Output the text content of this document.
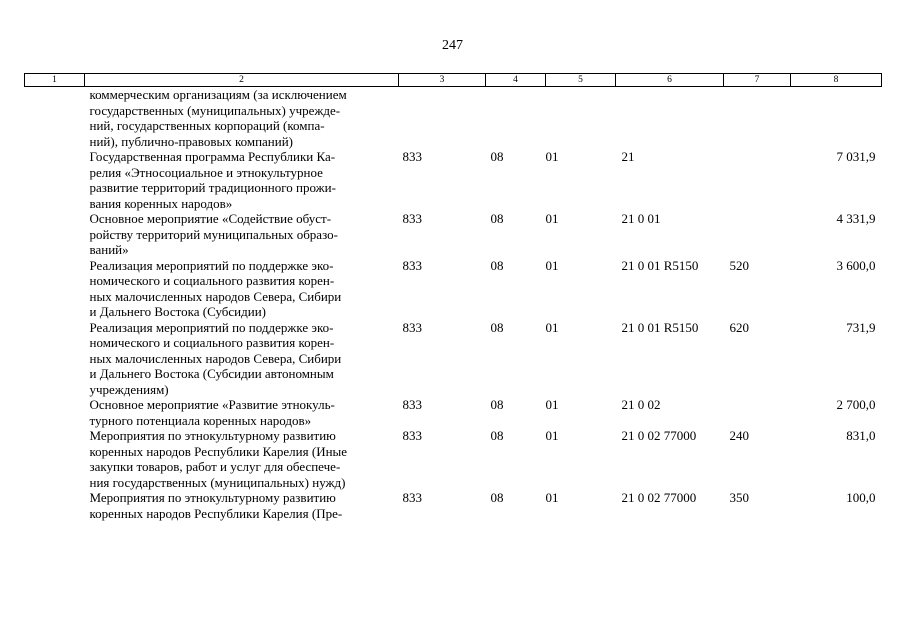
247
1	2	3	4	5	6	7	8

	коммерческим организациям (за исключением
государственных (муниципальных) учрежде-
ний, государственных корпораций (компа-
ний), публично-правовых компаний)						

	Государственная программа Республики Ка-
релия «Этносоциальное и этнокультурное
развитие территорий традиционного прожи-
вания коренных народов»	833	08	01	21		7 031,9

	Основное мероприятие «Содействие обуст-
ройству территорий муниципальных образо-
ваний»	833	08	01	21 0 01		4 331,9

	Реализация мероприятий по поддержке эко-
номического и социального развития корен-
ных малочисленных народов Севера, Сибири
и Дальнего Востока (Субсидии)	833	08	01	21 0 01 R5150	520	3 600,0

	Реализация мероприятий по поддержке эко-
номического и социального развития корен-
ных малочисленных народов Севера, Сибири
и Дальнего Востока (Субсидии автономным
учреждениям)	833	08	01	21 0 01 R5150	620	731,9

	Основное мероприятие «Развитие этнокуль-
турного потенциала коренных народов»	833	08	01	21 0 02		2 700,0

	Мероприятия по этнокультурному развитию
коренных народов Республики Карелия (Иные
закупки товаров, работ и услуг для обеспече-
ния государственных (муниципальных) нужд)	833	08	01	21 0 02 77000	240	831,0

	Мероприятия по этнокультурному развитию
коренных народов Республики Карелия (Пре-	833	08	01	21 0 02 77000	350	100,0
